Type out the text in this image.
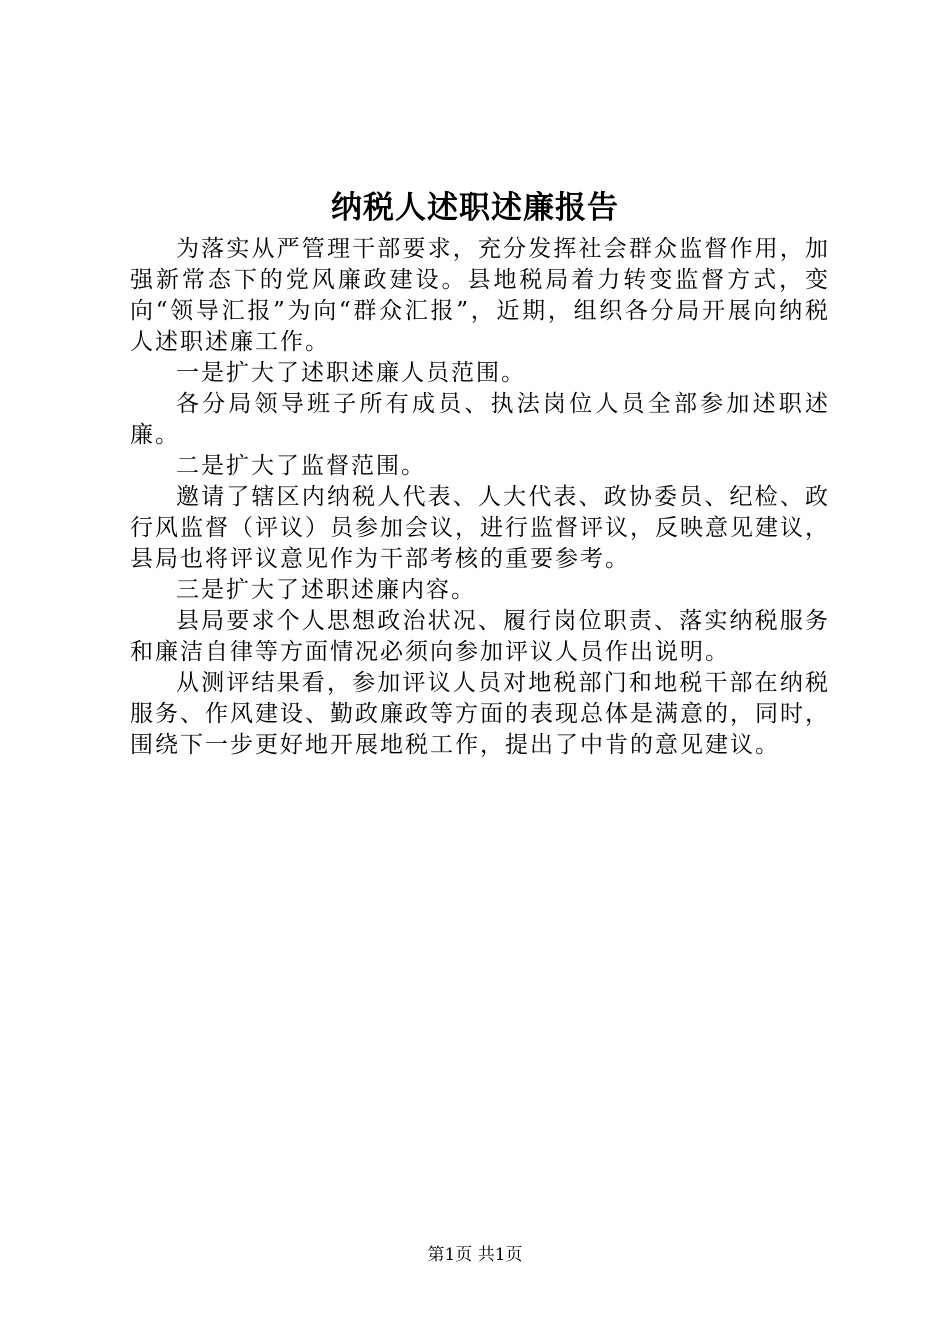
纳税人述职述廉报告

为落实从严管理干部要求，充分发挥社会群众监督作用，加强新常态下的党风廉政建设。县地税局着力转变监督方式，变向“领导汇报”为向“群众汇报”，近期，组织各分局开展向纳税人述职述廉工作。

一是扩大了述职述廉人员范围。

各分局领导班子所有成员、执法岗位人员全部参加述职述廉。

二是扩大了监督范围。

邀请了辖区内纳税人代表、人大代表、政协委员、纪检、政行风监督（评议）员参加会议，进行监督评议，反映意见建议，县局也将评议意见作为干部考核的重要参考。

三是扩大了述职述廉内容。

县局要求个人思想政治状况、履行岗位职责、落实纳税服务和廉洁自律等方面情况必须向参加评议人员作出说明。

从测评结果看，参加评议人员对地税部门和地税干部在纳税服务、作风建设、勤政廉政等方面的表现总体是满意的，同时，围绕下一步更好地开展地税工作，提出了中肯的意见建议。

第1页 共1页
